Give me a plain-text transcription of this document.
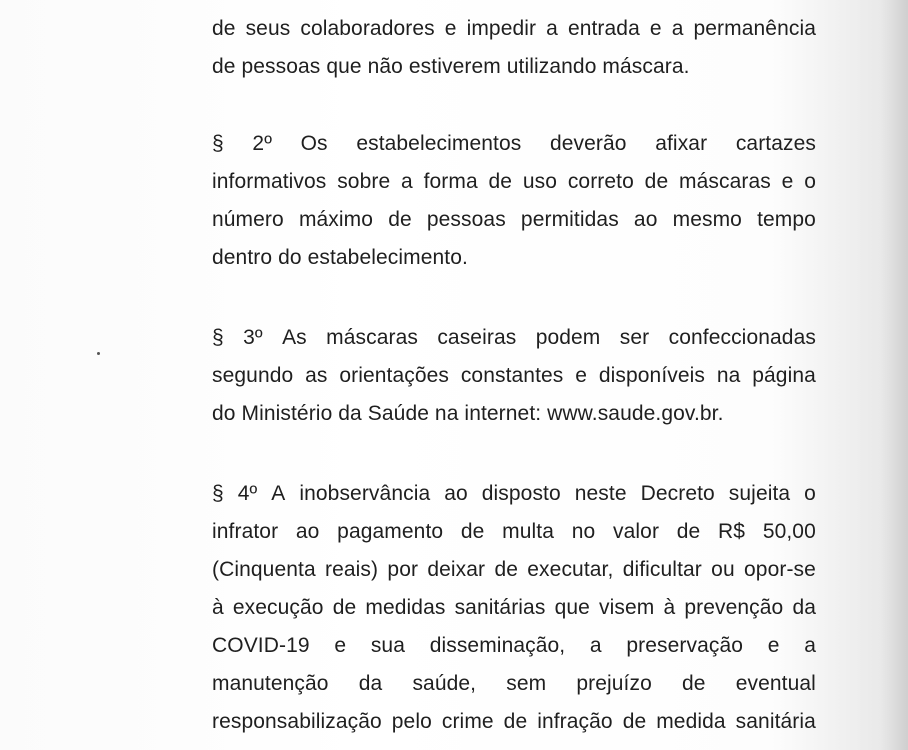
de seus colaboradores e impedir a entrada e a permanência
de pessoas que não estiverem utilizando máscara.
§ 2º Os estabelecimentos deverão afixar cartazes
informativos sobre a forma de uso correto de máscaras e o
número máximo de pessoas permitidas ao mesmo tempo
dentro do estabelecimento.
§ 3º As máscaras caseiras podem ser confeccionadas
segundo as orientações constantes e disponíveis na página
do Ministério da Saúde na internet: www.saude.gov.br.
§ 4º A inobservância ao disposto neste Decreto sujeita o
infrator ao pagamento de multa no valor de R$ 50,00
(Cinquenta reais) por deixar de executar, dificultar ou opor-se
à execução de medidas sanitárias que visem à prevenção da
COVID-19 e sua disseminação, a preservação e a
manutenção da saúde, sem prejuízo de eventual
responsabilização pelo crime de infração de medida sanitária
